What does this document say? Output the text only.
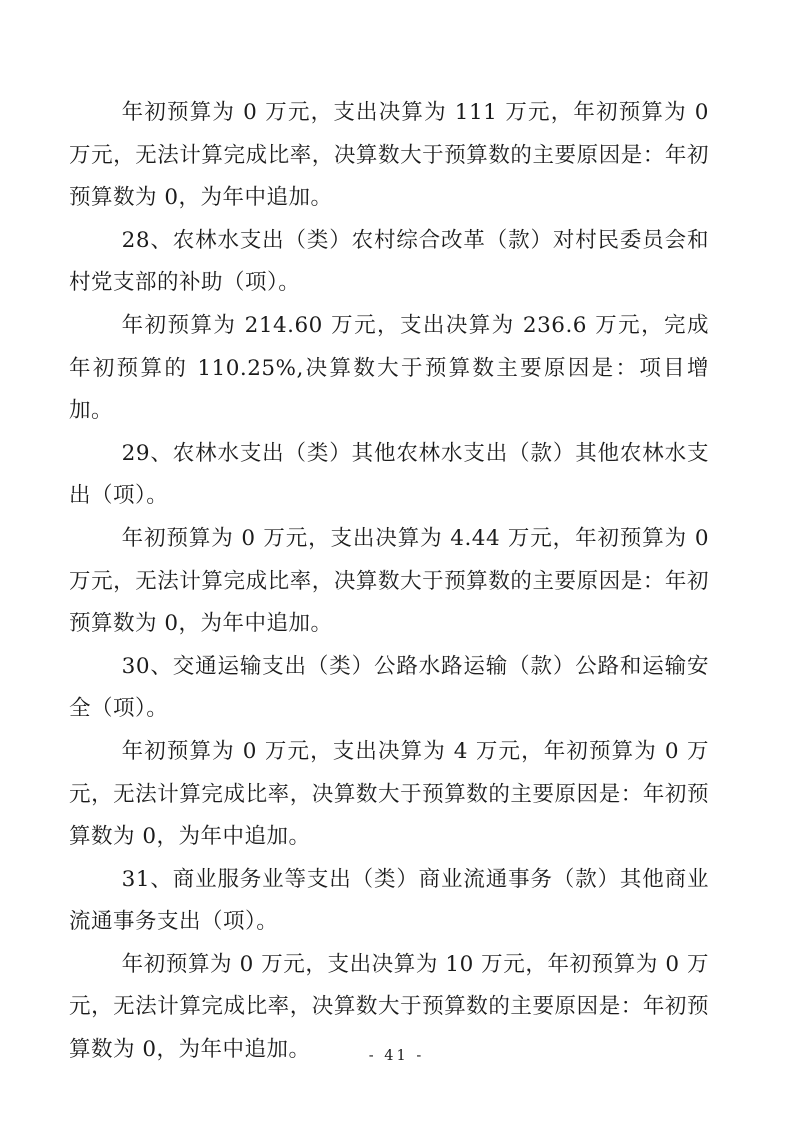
年初预算为 0 万元，支出决算为 111 万元，年初预算为 0 万元，无法计算完成比率，决算数大于预算数的主要原因是：年初预算数为 0，为年中追加。

28、农林水支出（类）农村综合改革（款）对村民委员会和村党支部的补助（项）。

年初预算为 214.60 万元，支出决算为 236.6 万元，完成年初预算的 110.25%,决算数大于预算数主要原因是：项目增加。

29、农林水支出（类）其他农林水支出（款）其他农林水支出（项）。

年初预算为 0 万元，支出决算为 4.44 万元，年初预算为 0 万元，无法计算完成比率，决算数大于预算数的主要原因是：年初预算数为 0，为年中追加。

30、交通运输支出（类）公路水路运输（款）公路和运输安全（项）。

年初预算为 0 万元，支出决算为 4 万元，年初预算为 0 万元，无法计算完成比率，决算数大于预算数的主要原因是：年初预算数为 0，为年中追加。

31、商业服务业等支出（类）商业流通事务（款）其他商业流通事务支出（项）。

年初预算为 0 万元，支出决算为 10 万元，年初预算为 0 万元，无法计算完成比率，决算数大于预算数的主要原因是：年初预算数为 0，为年中追加。	- 41 -
